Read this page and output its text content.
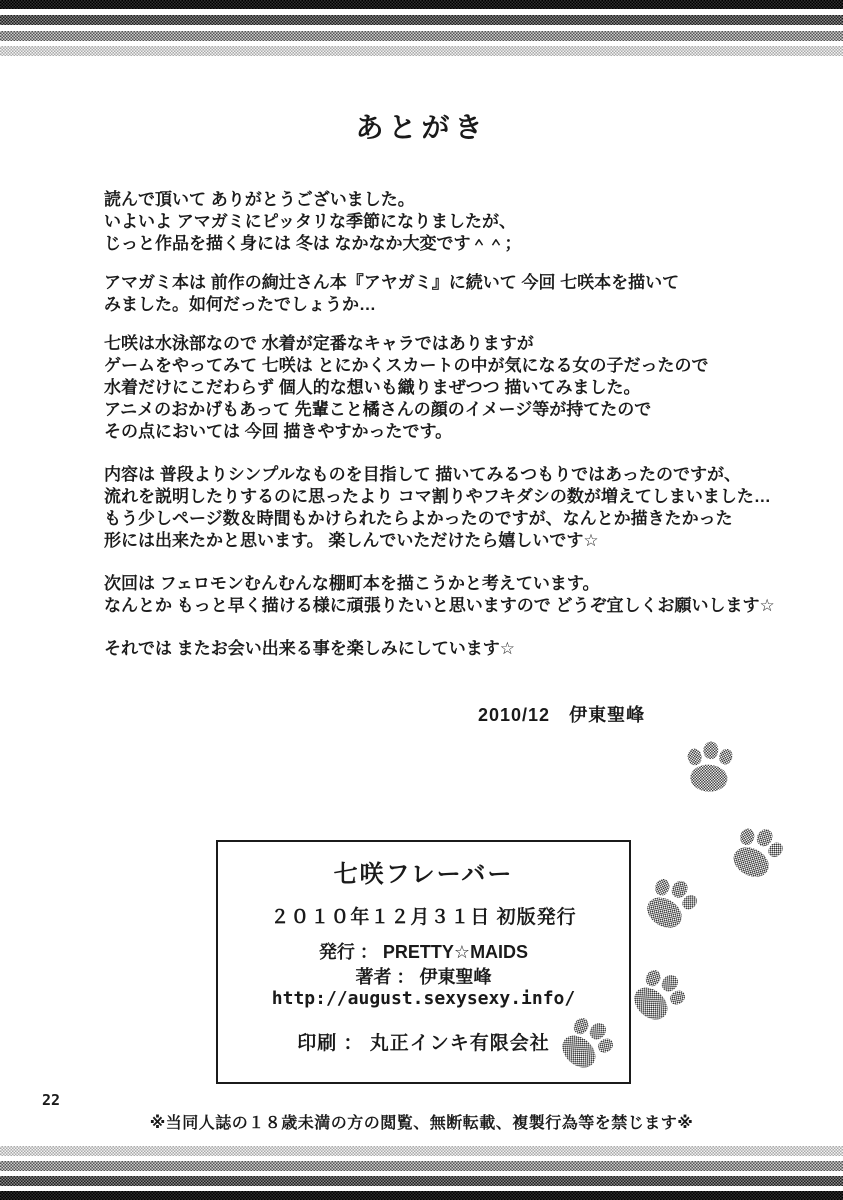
あとがき
読んで頂いて ありがとうございました。
いよいよ アマガミにピッタリな季節になりましたが、
じっと作品を描く身には 冬は なかなか大変です＾＾；
アマガミ本は 前作の絢辻さん本『アヤガミ』に続いて 今回 七咲本を描いて
みました。如何だったでしょうか…
七咲は水泳部なので 水着が定番なキャラではありますが
ゲームをやってみて 七咲は とにかくスカートの中が気になる女の子だったので
水着だけにこだわらず 個人的な想いも織りまぜつつ 描いてみました。
アニメのおかげもあって 先輩こと橘さんの顔のイメージ等が持てたので
その点においては 今回 描きやすかったです。
内容は 普段よりシンプルなものを目指して 描いてみるつもりではあったのですが、
流れを説明したりするのに思ったより コマ割りやフキダシの数が増えてしまいました…
もう少しページ数＆時間もかけられたらよかったのですが、なんとか描きたかった
形には出来たかと思います。 楽しんでいただけたら嬉しいです☆
次回は フェロモンむんむんな棚町本を描こうかと考えています。
なんとか もっと早く描ける様に頑張りたいと思いますので どうぞ宜しくお願いします☆
それでは またお会い出来る事を楽しみにしています☆
2010/12　伊東聖峰
七咲フレーバー
２０１０年１２月３１日 初版発行
発行 ： PRETTY☆MAIDS
著者 ： 伊東聖峰
http://august.sexysexy.info/
印刷 ： 丸正インキ有限会社
22
※当同人誌の１８歳未満の方の閲覧、無断転載、複製行為等を禁じます※
